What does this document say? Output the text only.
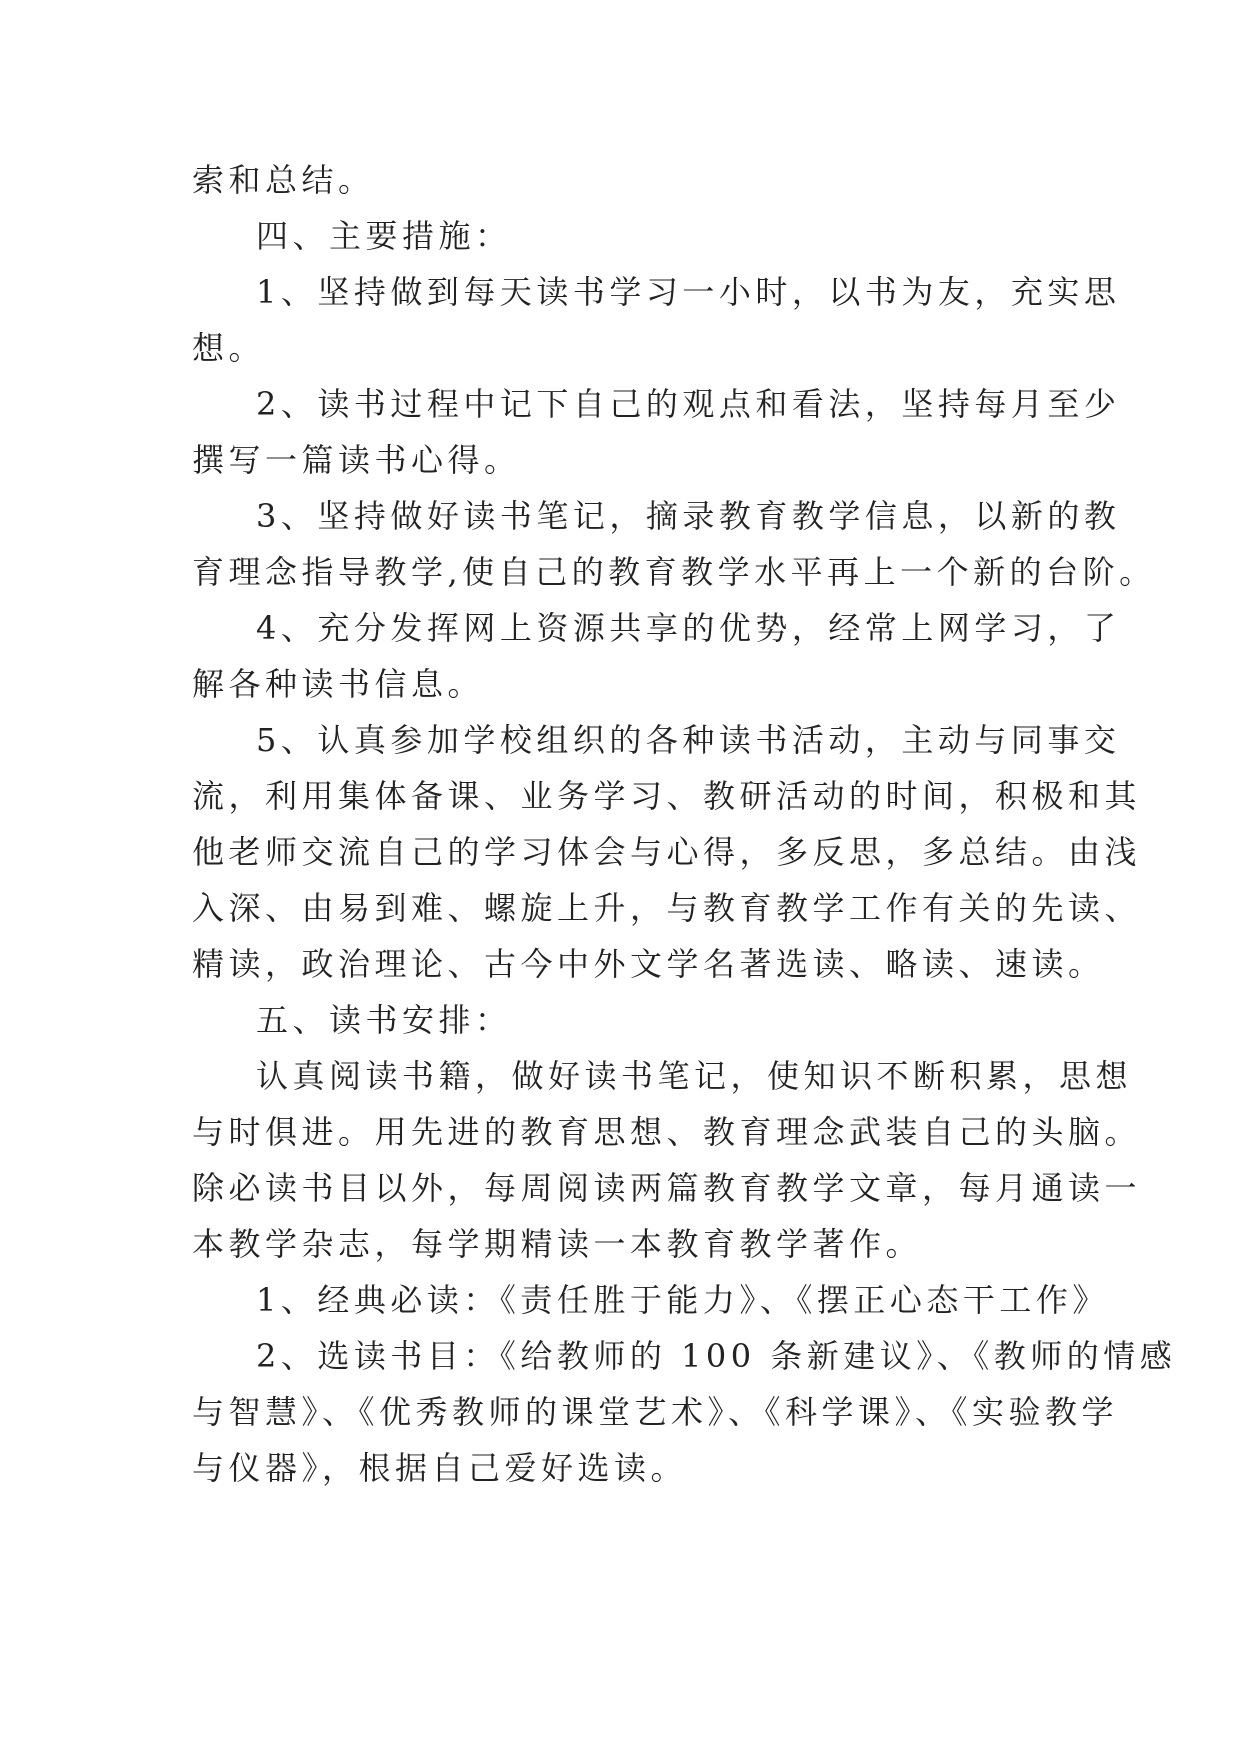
索和总结。
四、主要措施：
1、坚持做到每天读书学习一小时，以书为友，充实思
想。
2、读书过程中记下自己的观点和看法，坚持每月至少
撰写一篇读书心得。
3、坚持做好读书笔记，摘录教育教学信息，以新的教
育理念指导教学,使自己的教育教学水平再上一个新的台阶。
4、充分发挥网上资源共享的优势，经常上网学习，了
解各种读书信息。
5、认真参加学校组织的各种读书活动，主动与同事交
流，利用集体备课、业务学习、教研活动的时间，积极和其
他老师交流自己的学习体会与心得，多反思，多总结。由浅
入深、由易到难、螺旋上升，与教育教学工作有关的先读、
精读，政治理论、古今中外文学名著选读、略读、速读。
五、读书安排：
认真阅读书籍，做好读书笔记，使知识不断积累，思想
与时俱进。用先进的教育思想、教育理念武装自己的头脑。
除必读书目以外，每周阅读两篇教育教学文章，每月通读一
本教学杂志，每学期精读一本教育教学著作。
1、经典必读：《责任胜于能力》、《摆正心态干工作》
2、选读书目：《给教师的 100 条新建议》、《教师的情感
与智慧》、《优秀教师的课堂艺术》、《科学课》、《实验教学
与仪器》，根据自己爱好选读。
